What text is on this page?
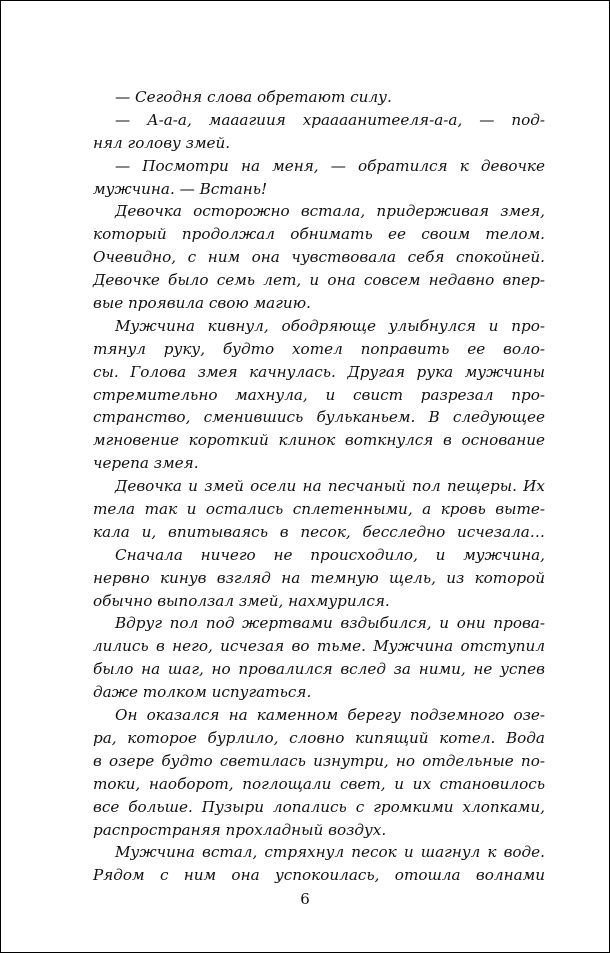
— Сегодня слова обретают силу.
— А-а-а, мааагиия храааанитееля-а-а, — под-
нял голову змей.
— Посмотри на меня, — обратился к девочке
мужчина. — Встань!
Девочка осторожно встала, придерживая змея,
который продолжал обнимать ее своим телом.
Очевидно, с ним она чувствовала себя спокойней.
Девочке было семь лет, и она совсем недавно впер-
вые проявила свою магию.
Мужчина кивнул, ободряюще улыбнулся и про-
тянул руку, будто хотел поправить ее воло-
сы. Голова змея качнулась. Другая рука мужчины
стремительно махнула, и свист разрезал про-
странство, сменившись бульканьем. В следующее
мгновение короткий клинок воткнулся в основание
черепа змея.
Девочка и змей осели на песчаный пол пещеры. Их
тела так и остались сплетенными, а кровь выте-
кала и, впитываясь в песок, бесследно исчезала…
Сначала ничего не происходило, и мужчина,
нервно кинув взгляд на темную щель, из которой
обычно выползал змей, нахмурился.
Вдруг пол под жертвами вздыбился, и они прова-
лились в него, исчезая во тьме. Мужчина отступил
было на шаг, но провалился вслед за ними, не успев
даже толком испугаться.
Он оказался на каменном берегу подземного озе-
ра, которое бурлило, словно кипящий котел. Вода
в озере будто светилась изнутри, но отдельные по-
токи, наоборот, поглощали свет, и их становилось
все больше. Пузыри лопались с громкими хлопками,
распространяя прохладный воздух.
Мужчина встал, стряхнул песок и шагнул к воде.
Рядом с ним она успокоилась, отошла волнами
6
